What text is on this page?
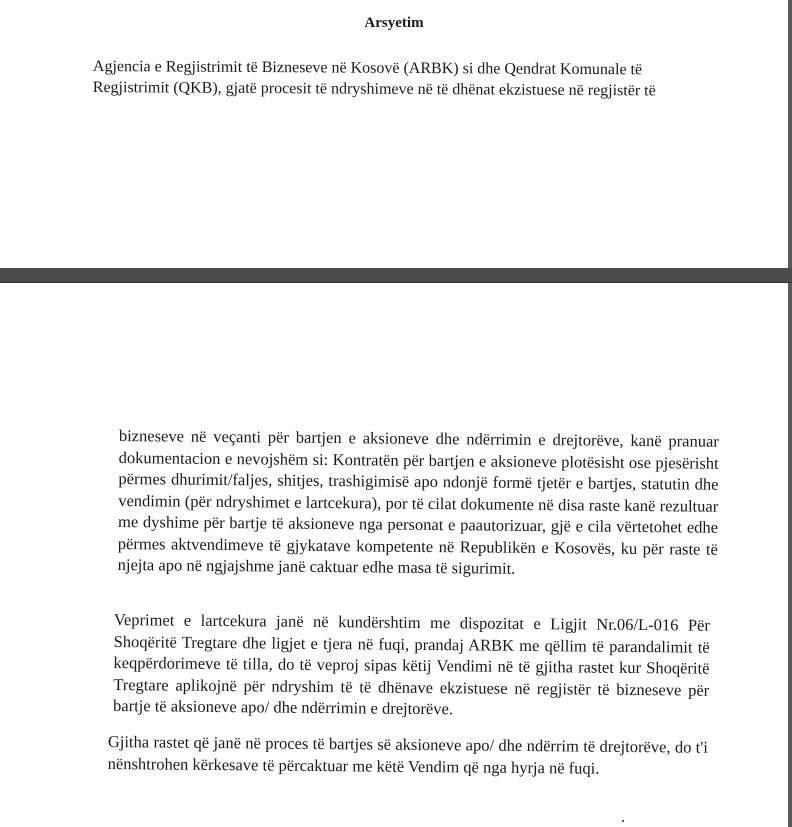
Arsyetim

Agjencia e Regjistrimit të Bizneseve në Kosovë (ARBK) si dhe Qendrat Komunale të Regjistrimit (QKB), gjatë procesit të ndryshimeve në të dhënat ekzistuese në regjistër të

bizneseve në veçanti për bartjen e aksioneve dhe ndërrimin e drejtorëve, kanë pranuar dokumentacion e nevojshëm si: Kontratën për bartjen e aksioneve plotësisht ose pjesërisht përmes dhurimit/faljes, shitjes, trashigimisë apo ndonjë formë tjetër e bartjes, statutin dhe vendimin (për ndryshimet e lartcekura), por të cilat dokumente në disa raste kanë rezultuar me dyshime për bartje të aksioneve nga personat e paautorizuar, gjë e cila vërtetohet edhe përmes aktvendimeve të gjykatave kompetente në Republikën e Kosovës, ku për raste të njejta apo në ngjajshme janë caktuar edhe masa të sigurimit.

Veprimet e lartcekura janë në kundërshtim me dispozitat e Ligjit Nr.06/L-016 Për Shoqëritë Tregtare dhe ligjet e tjera në fuqi, prandaj ARBK me qëllim të parandalimit të keqpërdorimeve të tilla, do të veproj sipas këtij Vendimi në të gjitha rastet kur Shoqëritë Tregtare aplikojnë për ndryshim të të dhënave ekzistuese në regjistër të bizneseve për bartje të aksioneve apo/ dhe ndërrimin e drejtorëve.

Gjitha rastet që janë në proces të bartjes së aksioneve apo/ dhe ndërrim të drejtorëve, do t'i nënshtrohen kërkesave të përcaktuar me këtë Vendim që nga hyrja në fuqi.
